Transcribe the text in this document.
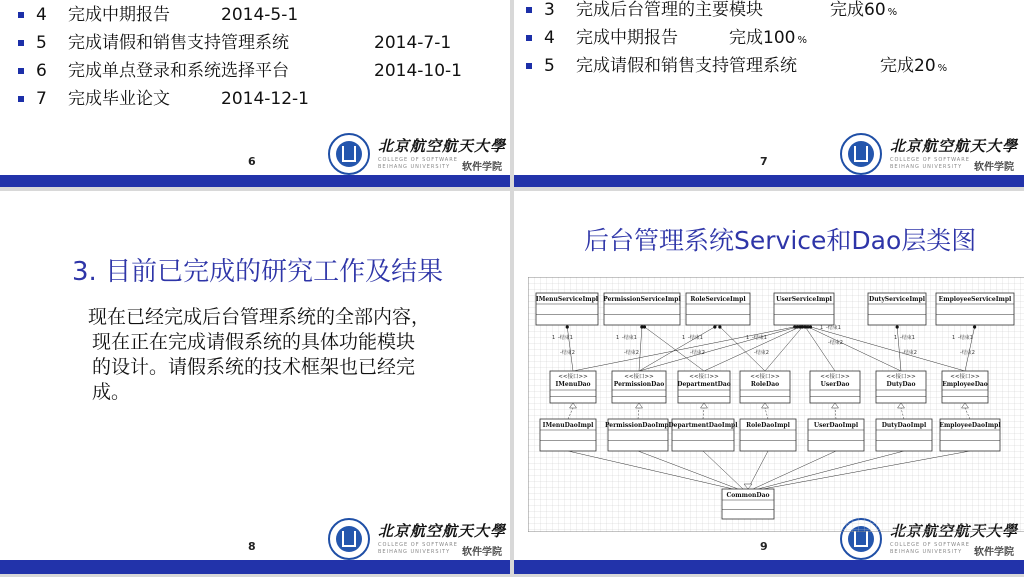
4 完成中期报告	2014-5-1
5 完成请假和销售支持管理系统	2014-7-1
6 完成单点登录和系统选择平台	2014-10-1
7 完成毕业论文	2014-12-1
6
北京航空航天大學
COLLEGE OF SOFTWARE
BEIHANG UNIVERSITY 软件学院
3 完成后台管理的主要模块	完成60 %
4 完成中期报告	完成100 %
5 完成请假和销售支持管理系统	完成20 %
7
北京航空航天大學
COLLEGE OF SOFTWARE
BEIHANG UNIVERSITY 软件学院
3. 目前已完成的研究工作及结果
现在已经完成后台管理系统的全部内容，
现在正在完成请假系统的具体功能模块
的设计。请假系统的技术框架也已经完
成。
8
北京航空航天大學
COLLEGE OF SOFTWARE
BEIHANG UNIVERSITY 软件学院
后台管理系统Service和Dao层类图
9	COLLEGE OF SOFTWARE
BEIHANG UNIVERSITY 软件学院
-结束1
-结束2
1	-结束1
-结束2
1	-结束1
-结束2
1	-结束1
-结束2
1
-结束1
-结束2
1
-结束1
-结束2
1	-结束1
-结束2
1
IMenuServiceImpl PermissionServiceImpl RoleServiceImpl	UserServiceImpl	DutyServiceImpl EmployeeServiceImpl
<<接口>>
IMenuDao
<<接口>>
PermissionDao
<<接口>>
DepartmentDao
<<接口>>
RoleDao
<<接口>>
UserDao
<<接口>>
DutyDao
<<接口>>
EmployeeDao
IMenuDaoImpl PermissionDaoImpl
DepartmentDaoImpl RoleDaoImpl	UserDaoImpl	DutyDaoImpl EmployeeDaoImpl
CommonDao
